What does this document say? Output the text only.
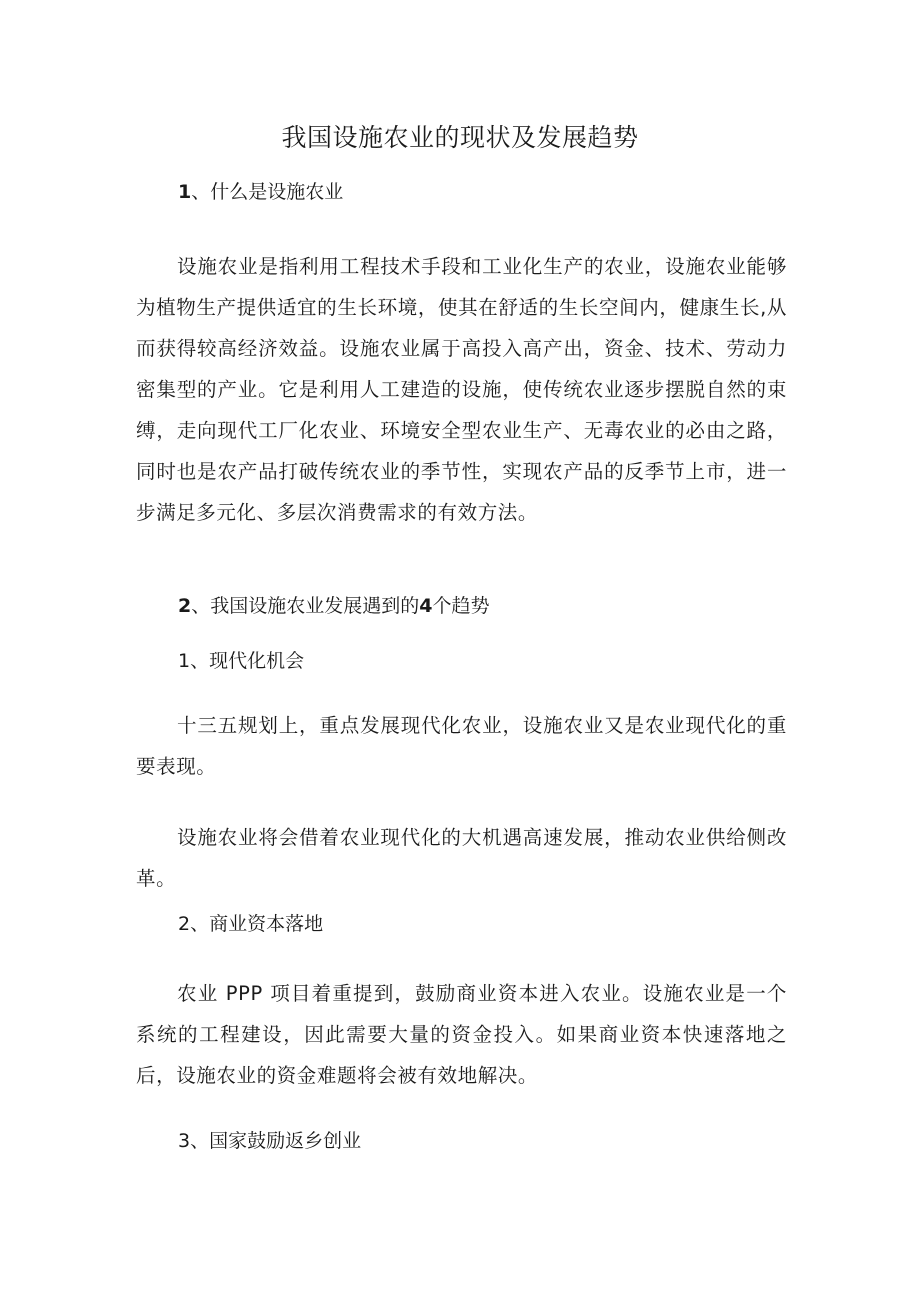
我国设施农业的现状及发展趋势

1、什么是设施农业

设施农业是指利用工程技术手段和工业化生产的农业，设施农业能够为植物生产提供适宜的生长环境，使其在舒适的生长空间内，健康生长,从而获得较高经济效益。设施农业属于高投入高产出，资金、技术、劳动力密集型的产业。它是利用人工建造的设施，使传统农业逐步摆脱自然的束缚，走向现代工厂化农业、环境安全型农业生产、无毒农业的必由之路，同时也是农产品打破传统农业的季节性，实现农产品的反季节上市，进一步满足多元化、多层次消费需求的有效方法。

2、我国设施农业发展遇到的4个趋势

1、现代化机会

十三五规划上，重点发展现代化农业，设施农业又是农业现代化的重要表现。

设施农业将会借着农业现代化的大机遇高速发展，推动农业供给侧改革。

2、商业资本落地

农业 PPP 项目着重提到，鼓励商业资本进入农业。设施农业是一个系统的工程建设，因此需要大量的资金投入。如果商业资本快速落地之后，设施农业的资金难题将会被有效地解决。

3、国家鼓励返乡创业
